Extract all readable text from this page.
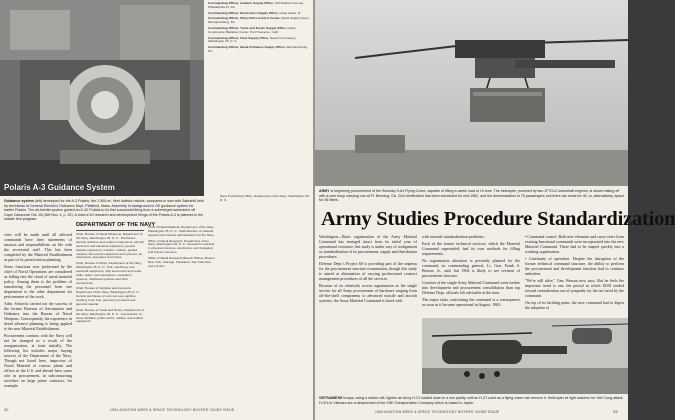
Polaris A-3 Guidance System

Commanding Officer, Aviation Supply Office, 700 Robbins Avenue, Philadelphia 11, Pa.

Commanding Officer, Electronics Supply Office, Great Lakes, Ill.

Commanding Officer, Ships Parts Control Center, Naval Supply Depot, Mechanicsburg, Pa.

Commanding Officer, Yards and Docks Supply Office, Naval Construction Battalion Center, Port Hueneme, Calif.

Commanding Officer, Fleet Supply Office, Naval Gun Factory, Washington 25, D. C.

Commanding Officer, Naval Ordnance Supply Office, Mechanicsburg, Pa.

Guidance system (left) developed for the A-3 Polaris, the 2,500-mi. fleet ballistic missile, compares in size with Sabrehill held by technician at General Electric's Ordnance Dept. Pittsfield, Mass. Assembly in background is GE guidance system for earlier Polaris. The all-inertial system guided an A-3X Polaris to its first successful firing from a submerged submarine off Cape Canaveral Oct. 26 (AW Nov. 4, p. 32). A total of 40 research and development firings of the Polaris A-3 is planned in the missile test program.

cises will be made until all affected commands have their statements of mission and responsibilities on file with the secretarial staff. This has been completed by the Material Establishment as part of its preactivation planning.

Some functions now performed by the chief of Naval Operations are considered as falling into the cloud of naval material policy. Among them is the problem of transferring the personnel from one department to the other department for performance of the work.

Adm. Schoeck carried out the success of the former Bureaus of Aeronautics and Ordnance into the Bureau of Naval Weapons. Consequently, his experience in detail advance planning is being applied to the new Material Establishment.

Procurement contacts with the Navy will not be changed as a result of the reorganization, at least initially. The following list includes major buying sources of the Department of the Navy. Though not listed here, inspectors of Naval Material at various plants and offices in the U.S. and abroad have some role in procurement, in subcontracting activities on large prime contracts, for example.

DEPARTMENT OF THE NAVY

Chief, Bureau of Naval Weapons, Department of the Navy, Washington 25, D. C.: Purchases aircraft, airframe and engine components, aircraft electronic and electrical equipment, ground support equipment, missiles, rockets, guided missiles, fire-control equipment and systems, all naval guns, torpedoes and mines.

Chief, Bureau of Ships, Department of the Navy, Washington 25, D. C.: Hull, machinery and electrical equipment, ship electronics and sonar, radio, radar, communications, navigation systems, shipboard systems and their components.

Chief, Bureau of Supplies and Accounts, Department of the Navy, Washington 25, D. C.: Central purchases of common-use supplies, clothing, food, fuel, petroleum products and general material.

Chief, Bureau of Yards and Docks, Department of the Navy, Washington 25, D. C.: Construction of shore facilities, public works, utilities, and related equipment.

Chief of Naval Material, Department of the Navy, Washington 25, D. C.: Staff direction of material support and contract administration for the Navy.

Office of Naval Research, Department of the Navy, Washington 25, D. C.: Research contracts in physical sciences, electronics, and biological and human sciences.

Office of Naval Research Branch Offices: Boston, New York, Chicago, Pasadena, San Francisco and London.

Navy Purchasing Office, Department of the Navy, Washington 25, D. C.

32	1964 AVIATION WEEK & SPACE TECHNOLOGY BUYERS' GUIDE ISSUE
ARMY is beginning procurement of the Sikorsky S-64 Flying Crane, capable of lifting a useful load of 10 tons. The helicopter, powered by two JFTD12 turboshaft engines, is shown taking off with a new troop carrying van at Ft. Benning, Ga. Civil certification has been scheduled for mid-1962, and the demonstration to 75 passengers, but there are seats for 40, or, alternatively, space for 45 litters.
Army Studies Procedure Standardization

Washington—Basic organization of the Army Material Command has emerged intact from its initial year of operational existence, but study is under way of realignment or standardization of its procurement, supply and distribution procedures.

Defense Dept.'s Project 60 is providing part of the impetus for the procurement structure examination, though this study is aimed at elimination of varying professional contract management procedures of all the services.

Because of its relatively recent organization as the single service for all Army procurement of hardware ranging from off-the-shelf components to advanced missile and aircraft systems, the Army Material Command is faced with

with internal standardization problems.

Each of the former technical services, which the Material Command superseded, had its own methods for filling requirements.

No organization alteration is presently planned for the command, its commanding general, Lt. Gen. Frank S. Besson, Jr., said, but 1964 is likely to see revision of procurement structure.

Creation of the single Army Material Command went further into development and procurement consolidation than top Defense Dept. officials felt advisable at the time.

The major tasks confronting the command is a consequence as soon as it became operational in August, 1962:

• Command control. Both new elements and carry-overs from existing functional commands were incorporated into the new Material Command. These had to be shaped quickly into a working organization.

• Continuity of operation. Despite the disruption of the former technical command structure, the ability to perform the procurement and development function had to continue unbroken.

"We're still alive," Gen. Besson now says. But he feels the important trend is one, the period in which DOD tended toward centralization out of sympathy for the tax faced by the command.

On top of its birthing pains, the new command had to digest the adoption of

VIETNAMESE troops, using a rubber raft, lighten an Army H-21 loaded down in a rice paddy until an H-37 used as a flying crane can remove it. Helicopter at right watches for Viet Cong attack. H-37s in Vietnam are a detachment of the 19th Transportation Company which is based in Japan.
1964 AVIATION WEEK & SPACE TECHNOLOGY BUYERS' GUIDE ISSUE	33
